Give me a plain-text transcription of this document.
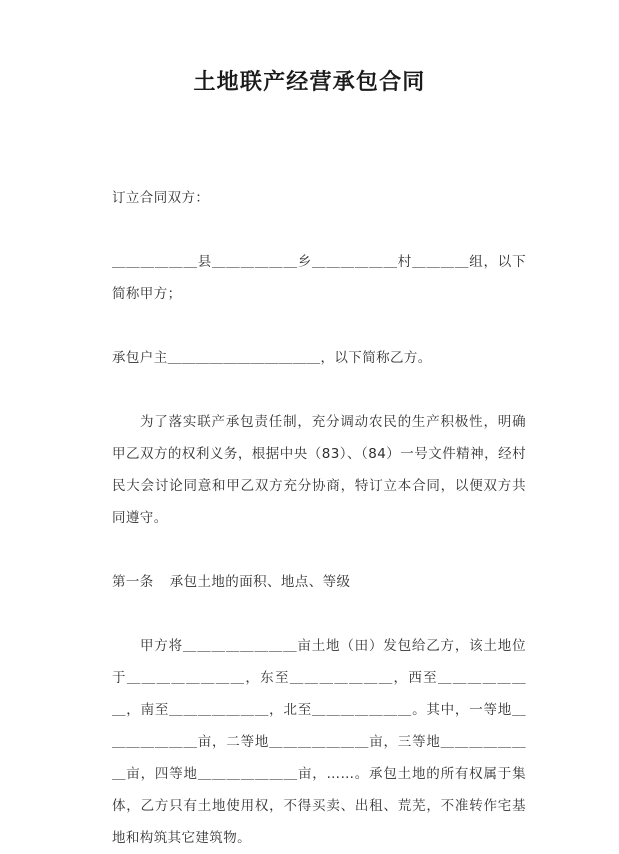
土地联产经营承包合同

订立合同双方：

＿＿＿＿＿＿县＿＿＿＿＿＿乡＿＿＿＿＿＿村＿＿＿＿组，以下简称甲方；

承包户主＿＿＿＿＿＿＿＿＿＿＿，以下简称乙方。

为了落实联产承包责任制，充分调动农民的生产积极性，明确甲乙双方的权利义务，根据中央（83）、（84）一号文件精神，经村民大会讨论同意和甲乙双方充分协商，特订立本合同，以便双方共同遵守。

第一条 承包土地的面积、地点、等级

甲方将＿＿＿＿＿＿＿＿亩土地（田）发包给乙方，该土地位于＿＿＿＿＿＿＿＿，东至＿＿＿＿＿＿＿，西至＿＿＿＿＿＿＿，南至＿＿＿＿＿＿＿，北至＿＿＿＿＿＿＿。其中，一等地＿＿＿＿＿＿＿亩，二等地＿＿＿＿＿＿＿亩，三等地＿＿＿＿＿＿＿亩，四等地＿＿＿＿＿＿＿亩，……。承包土地的所有权属于集体，乙方只有土地使用权，不得买卖、出租、荒芜，不准转作宅基地和构筑其它建筑物。
